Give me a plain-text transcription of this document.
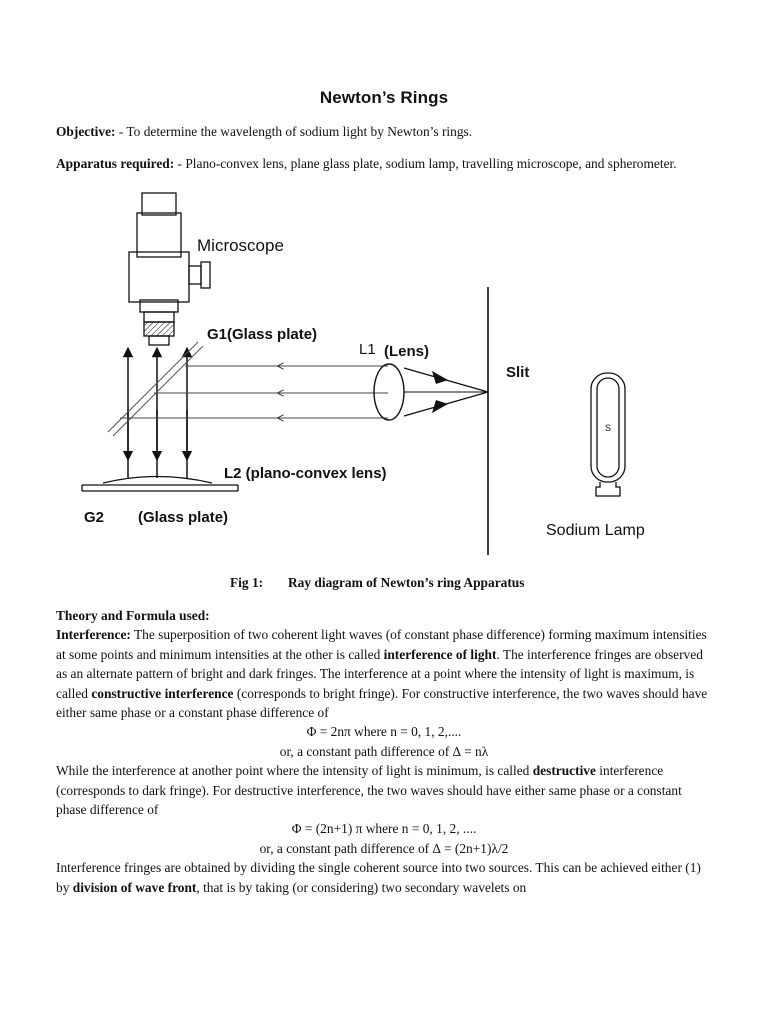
Newton’s Rings
Objective: - To determine the wavelength of sodium light by Newton’s rings.
Apparatus required: - Plano-convex lens, plane glass plate, sodium lamp, travelling microscope, and spherometer.
S
Microscope
G1(Glass plate)
L1 (Lens)
Slit
L2 (plano-convex lens)
G2 (Glass plate)
Sodium Lamp
Fig 1: Ray diagram of Newton’s ring Apparatus
Theory and Formula used:
Interference: The superposition of two coherent light waves (of constant phase difference) forming maximum intensities at some points and minimum intensities at the other is called interference of light. The interference fringes are observed as an alternate pattern of bright and dark fringes. The interference at a point where the intensity of light is maximum, is called constructive interference (corresponds to bright fringe). For constructive interference, the two waves should have either same phase or a constant phase difference of
Φ = 2nπ where n = 0, 1, 2,....
or, a constant path difference of ∆ = nλ
While the interference at another point where the intensity of light is minimum, is called destructive interference (corresponds to dark fringe). For destructive interference, the two waves should have either same phase or a constant phase difference of
Φ = (2n+1) π where n = 0, 1, 2, ....
or, a constant path difference of ∆ = (2n+1)λ/2
Interference fringes are obtained by dividing the single coherent source into two sources. This can be achieved either (1) by division of wave front, that is by taking (or considering) two secondary wavelets on
